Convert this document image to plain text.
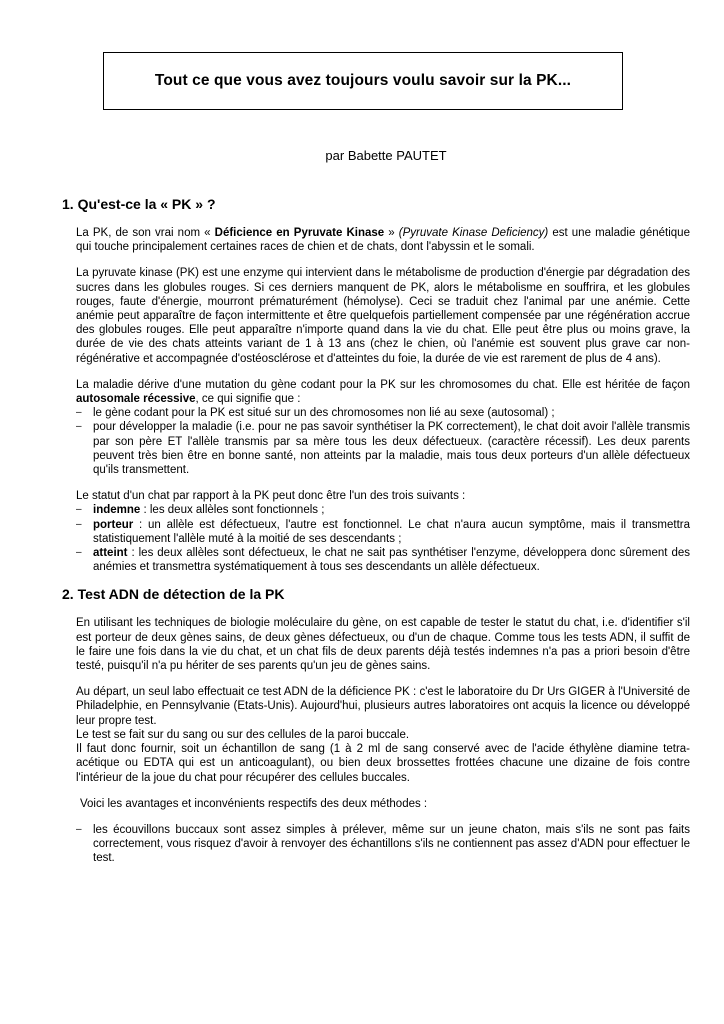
Tout ce que vous avez toujours voulu savoir sur la PK...
par Babette PAUTET
1. Qu'est-ce la « PK » ?

La PK, de son vrai nom « Déficience en Pyruvate Kinase » (Pyruvate Kinase Deficiency) est une maladie génétique qui touche principalement certaines races de chien et de chats, dont l'abyssin et le somali.

La pyruvate kinase (PK) est une enzyme qui intervient dans le métabolisme de production d'énergie par dégradation des sucres dans les globules rouges. Si ces derniers manquent de PK, alors le métabolisme en souffrira, et les globules rouges, faute d'énergie, mourront prématurément (hémolyse). Ceci se traduit chez l'animal par une anémie. Cette anémie peut apparaître de façon intermittente et être quelquefois partiellement compensée par une régénération accrue des globules rouges. Elle peut apparaître n'importe quand dans la vie du chat. Elle peut être plus ou moins grave, la durée de vie des chats atteints variant de 1 à 13 ans (chez le chien, où l'anémie est souvent plus grave car non-régénérative et accompagnée d'ostéosclérose et d'atteintes du foie, la durée de vie est rarement de plus de 4 ans).

La maladie dérive d'une mutation du gène codant pour la PK sur les chromosomes du chat. Elle est héritée de façon autosomale récessive, ce qui signifie que :

– le gène codant pour la PK est situé sur un des chromosomes non lié au sexe (autosomal) ;
– pour développer la maladie (i.e. pour ne pas savoir synthétiser la PK correctement), le chat doit avoir l'allèle transmis par son père ET l'allèle transmis par sa mère tous les deux défectueux. (caractère récessif). Les deux parents peuvent très bien être en bonne santé, non atteints par la maladie, mais tous deux porteurs d'un allèle défectueux qu'ils transmettent.

Le statut d'un chat par rapport à la PK peut donc être l'un des trois suivants :

– indemne : les deux allèles sont fonctionnels ;
– porteur : un allèle est défectueux, l'autre est fonctionnel. Le chat n'aura aucun symptôme, mais il transmettra statistiquement l'allèle muté à la moitié de ses descendants ;
– atteint : les deux allèles sont défectueux, le chat ne sait pas synthétiser l'enzyme, développera donc sûrement des anémies et transmettra systématiquement à tous ses descendants un allèle défectueux.
2. Test ADN de détection de la PK

En utilisant les techniques de biologie moléculaire du gène, on est capable de tester le statut du chat, i.e. d'identifier s'il est porteur de deux gènes sains, de deux gènes défectueux, ou d'un de chaque. Comme tous les tests ADN, il suffit de le faire une fois dans la vie du chat, et un chat fils de deux parents déjà testés indemnes n'a pas a priori besoin d'être testé, puisqu'il n'a pu hériter de ses parents qu'un jeu de gènes sains.

Au départ, un seul labo effectuait ce test ADN de la déficience PK : c'est le laboratoire du Dr Urs GIGER à l'Université de Philadelphie, en Pennsylvanie (Etats-Unis). Aujourd'hui, plusieurs autres laboratoires ont acquis la licence ou développé leur propre test.

Le test se fait sur du sang ou sur des cellules de la paroi buccale.

Il faut donc fournir, soit un échantillon de sang (1 à 2 ml de sang conservé avec de l'acide éthylène diamine tetra-acétique ou EDTA qui est un anticoagulant), ou bien deux brossettes frottées chacune une dizaine de fois contre l'intérieur de la joue du chat pour récupérer des cellules buccales.

Voici les avantages et inconvénients respectifs des deux méthodes :

– les écouvillons buccaux sont assez simples à prélever, même sur un jeune chaton, mais s'ils ne sont pas faits correctement, vous risquez d'avoir à renvoyer des échantillons s'ils ne contiennent pas assez d'ADN pour effectuer le test.
